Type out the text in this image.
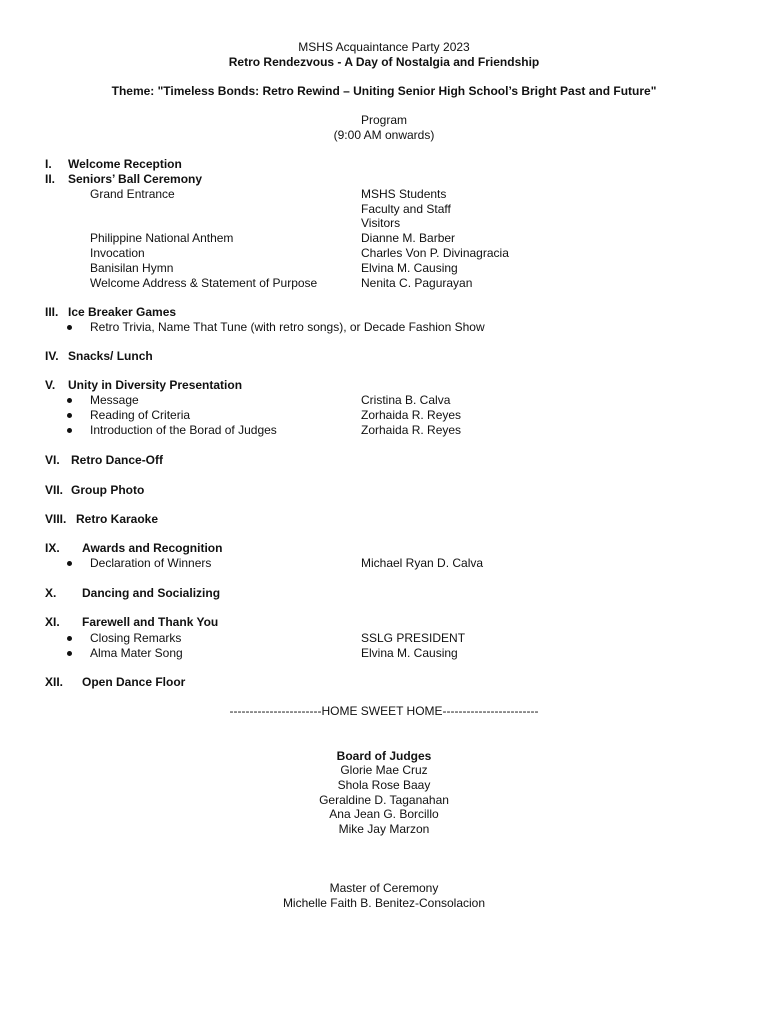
MSHS Acquaintance Party 2023
Retro Rendezvous - A Day of Nostalgia and Friendship
Theme: "Timeless Bonds: Retro Rewind – Uniting Senior High School’s Bright Past and Future"
Program
(9:00 AM onwards)
I. Welcome Reception
II. Seniors’ Ball Ceremony
Grand Entrance	MSHS Students
Faculty and Staff
Visitors
Philippine National Anthem	Dianne M. Barber
Invocation	Charles Von P. Divinagracia
Banisilan Hymn	Elvina M. Causing
Welcome Address & Statement of Purpose	Nenita C. Pagurayan
III. Ice Breaker Games
Retro Trivia, Name That Tune (with retro songs), or Decade Fashion Show
IV. Snacks/ Lunch
V. Unity in Diversity Presentation
Message	Cristina B. Calva
Reading of Criteria	Zorhaida R. Reyes
Introduction of the Borad of Judges	Zorhaida R. Reyes
VI. Retro Dance-Off
VII. Group Photo
VIII. Retro Karaoke
IX. Awards and Recognition
Declaration of Winners	Michael Ryan D. Calva
X. Dancing and Socializing
XI. Farewell and Thank You
Closing Remarks	SSLG PRESIDENT
Alma Mater Song	Elvina M. Causing
XII. Open Dance Floor
-----------------------HOME SWEET HOME------------------------
Board of Judges
Glorie Mae Cruz
Shola Rose Baay
Geraldine D. Taganahan
Ana Jean G. Borcillo
Mike Jay Marzon
Master of Ceremony
Michelle Faith B. Benitez-Consolacion
